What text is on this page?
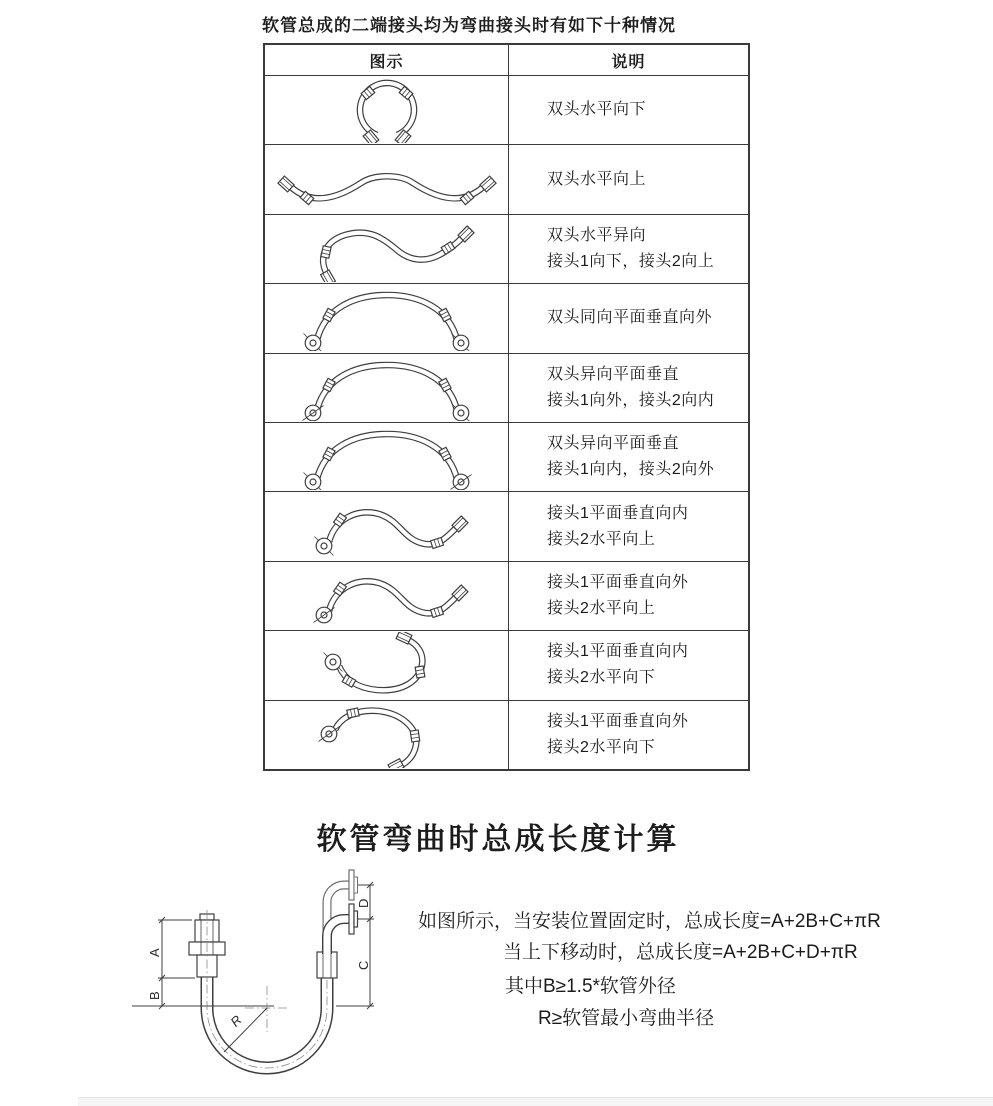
软管总成的二端接头均为弯曲接头时有如下十种情况
图示	说明
双头水平向下
双头水平向上
双头水平异向
接头1向下，接头2向上
双头同向平面垂直向外
双头异向平面垂直
接头1向外，接头2向内
双头异向平面垂直
接头1向内，接头2向外
接头1平面垂直向内
接头2水平向上
接头1平面垂直向外
接头2水平向上
接头1平面垂直向内
接头2水平向下
接头1平面垂直向外
接头2水平向下
软管弯曲时总成长度计算
如图所示，当安装位置固定时，总成长度=A+2B+C+πR
当上下移动时，总成长度=A+2B+C+D+πR
其中B≥1.5*软管外径
R≥软管最小弯曲半径
A
B
D
C
R
